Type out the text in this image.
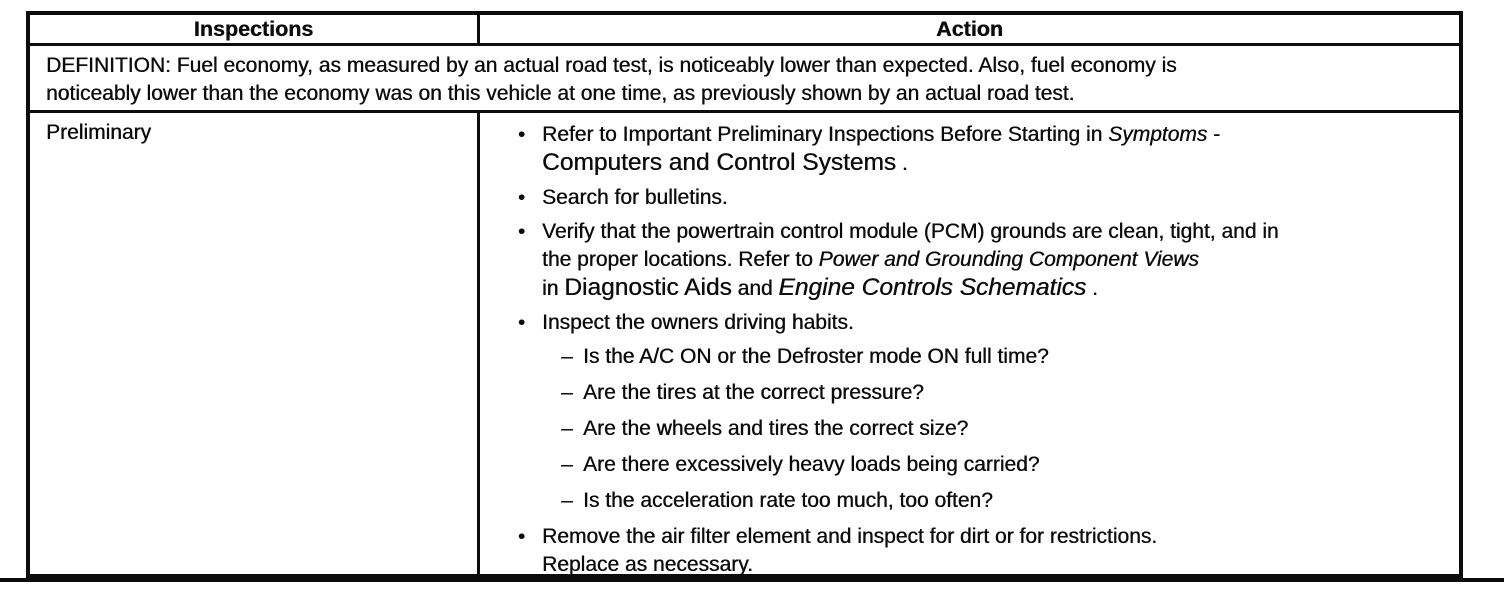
Inspections	Action
DEFINITION: Fuel economy, as measured by an actual road test, is noticeably lower than expected. Also, fuel economy is
noticeably lower than the economy was on this vehicle at one time, as previously shown by an actual road test.
Preliminary	• Refer to Important Preliminary Inspections Before Starting in Symptoms -
Computers and Control Systems .
• Search for bulletins.
• Verify that the powertrain control module (PCM) grounds are clean, tight, and in
the proper locations. Refer to Power and Grounding Component Views
in Diagnostic Aids and Engine Controls Schematics .
• Inspect the owners driving habits.
– Is the A/C ON or the Defroster mode ON full time?
– Are the tires at the correct pressure?
– Are the wheels and tires the correct size?
– Are there excessively heavy loads being carried?
– Is the acceleration rate too much, too often?
• Remove the air filter element and inspect for dirt or for restrictions.
Replace as necessary.
